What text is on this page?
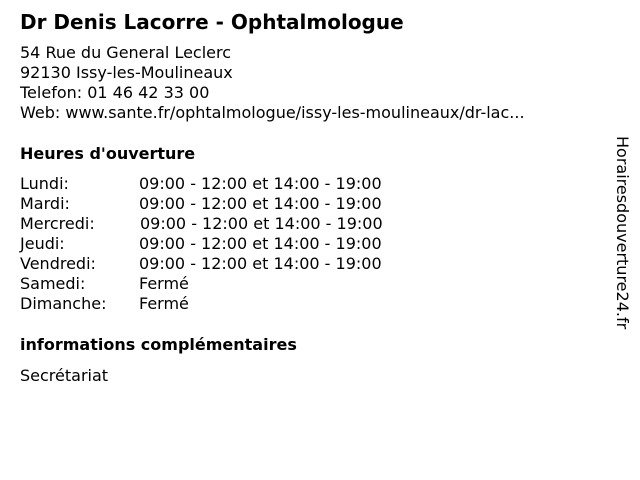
Dr Denis Lacorre - Ophtalmologue
54 Rue du General Leclerc
92130 Issy-les-Moulineaux
Telefon: 01 46 42 33 00
Web: www.sante.fr/ophtalmologue/issy-les-moulineaux/dr-lac...
Heures d'ouverture
Lundi:	09:00 - 12:00 et 14:00 - 19:00
Mardi:	09:00 - 12:00 et 14:00 - 19:00
Mercredi:	09:00 - 12:00 et 14:00 - 19:00
Jeudi:	09:00 - 12:00 et 14:00 - 19:00
Vendredi:	09:00 - 12:00 et 14:00 - 19:00
Samedi:	Fermé
Dimanche: Fermé
informations complémentaires
Secrétariat
Horairesdouverture24.fr
